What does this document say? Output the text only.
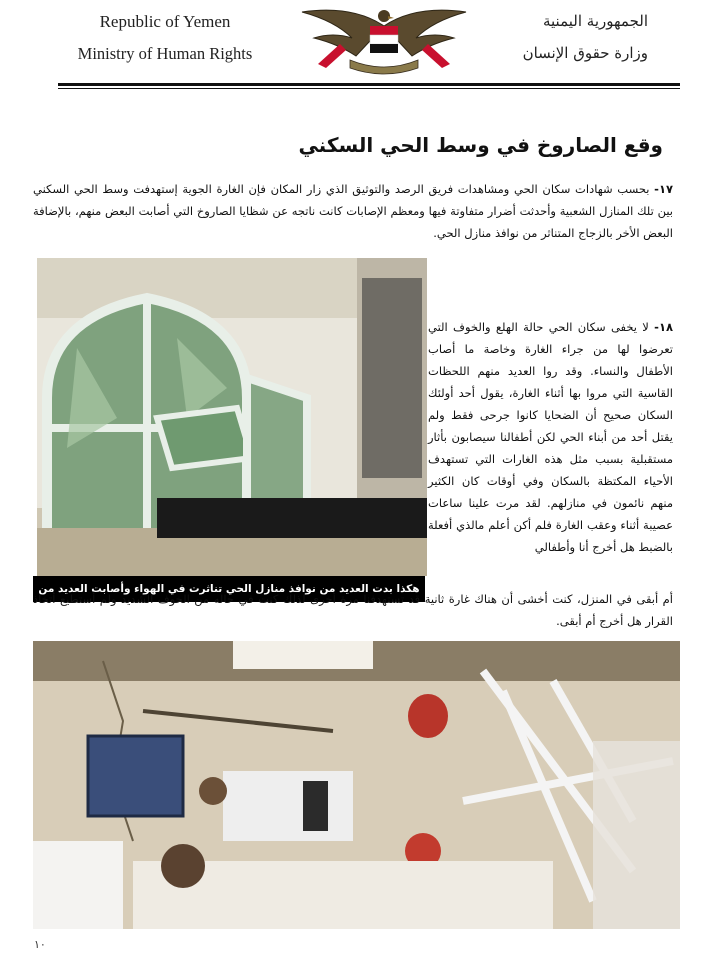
Republic of Yemen
Ministry of Human Rights
الجمهورية اليمنية
وزارة حقوق الإنسان
وقع الصاروخ في وسط الحي السكني

١٧- بحسب شهادات سكان الحي ومشاهدات فريق الرصد والتوثيق الذي زار المكان فإن الغارة الجوية إستهدفت وسط الحي السكني بين تلك المنازل الشعبية وأحدثت أضرار متفاوتة فيها ومعظم الإصابات كانت ناتجه عن شظايا الصاروخ التي أصابت البعض منهم، بالإضافة البعض الأخر بالزجاج المتناثر من نوافذ منازل الحي.

هكذا بدت العديد من نوافذ منازل الحي تناثرت في الهواء وأصابت العديد من السكان

١٨- لا يخفى سكان الحي حالة الهلع والخوف التي تعرضوا لها من جراء الغارة وخاصة ما أصاب الأطفال والنساء. وقد روا العديد منهم اللحظات القاسية التي مروا بها أثناء الغارة، يقول أحد أولئك السكان صحيح أن الضحايا كانوا جرحى فقط ولم يقتل أحد من أبناء الحي لكن أطفالنا سيصابون بأثار مستقبلية بسبب مثل هذه الغارات التي تستهدف الأحياء المكتظة بالسكان وفي أوقات كان الكثير منهم نائمون في منازلهم. لقد مرت علينا ساعات عصيبة أثناء وعقب الغارة فلم أكن أعلم مالذي أفعلة بالضبط هل أخرج أنا وأطفالي

أم أبقى في المنزل، كنت أخشى أن هناك غارة ثانية قد تستهدفنا مرة أخرى لذلك كنت في حاله من الخوف الشديد ولم أستطيع أتخاذ القرار هل أخرج أم أبقى.

١٠
